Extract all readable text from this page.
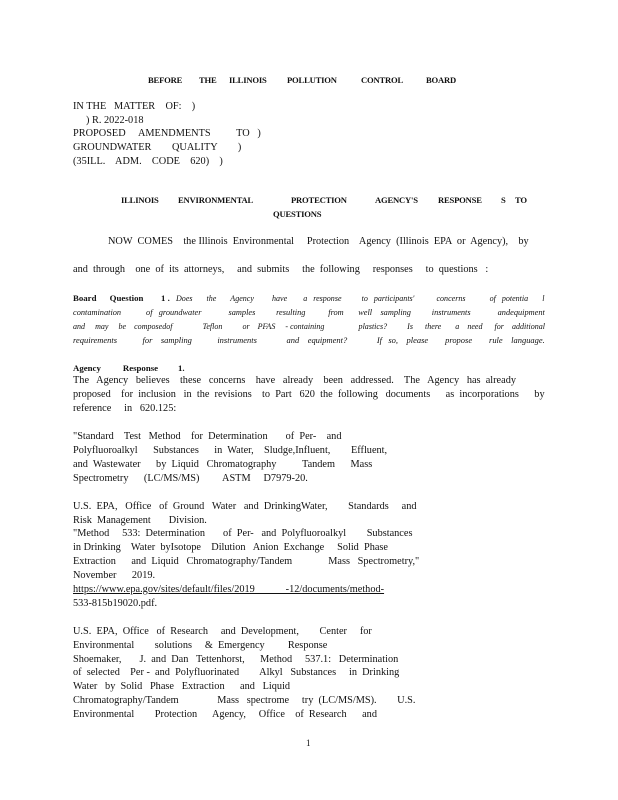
BEFORE THE ILLINOIS POLLUTION	CONTROL	BOARD
IN THE   MATTER    OF:    )
) R. 2022-018
PROPOSED     AMENDMENTS          TO   )
GROUNDWATER        QUALITY        )
(35ILL.    ADM.    CODE    620)    )
ILLINOIS ENVIRONMENTAL	PROTECTION	AGENCY'S RESPONSE S TO
QUESTIONS
NOW  COMES    the Illinois  Environmental     Protection    Agency  (Illinois  EPA  or  Agency),    by
and  through    one  of  its  attorneys,     and  submits     the  following     responses     to  questions   :
Board      Question 1 . Does       the       Agency         have        a   response          to   participants'           concerns            of   potentia       l
contamination            of   groundwater             samples          resulting           from       well    sampling          instruments             andequipment
and     may     be    composedof               Teflon          or    PFAS     - containing                 plastics?          Is      there       a    need      for    additional
requirements            for    sampling            instruments              and    equipment?              If   so,    please        propose        rule    language.
Agency          Response 1.
The   Agency   believes    these   concerns    have   already    been   addressed.    The   Agency   has  already
proposed    for  inclusion   in  the  revisions    to  Part   620  the  following   documents      as  incorporations      by
reference     in   620.125:
"Standard    Test   Method    for  Determination       of  Per-    and
Polyfluoroalkyl      Substances      in  Water,    Sludge,Influent,        Effluent,
and  Wastewater      by  Liquid   Chromatography          Tandem      Mass
Spectrometry      (LC/MS/MS)         ASTM     D7979-20.
U.S.  EPA,   Office   of  Ground   Water   and  DrinkingWater,        Standards     and
Risk  Management       Division.
"Method     533:  Determination       of  Per-   and  Polyfluoroalkyl        Substances
in Drinking    Water  byIsotope    Dilution   Anion  Exchange     Solid  Phase
Extraction      and  Liquid   Chromatography/Tandem              Mass   Spectrometry,"
November      2019.
https://www.epa.gov/sites/default/files/2019            -12/documents/method-
533-815b19020.pdf.
U.S.  EPA,  Office   of  Research     and  Development,        Center     for
Environmental        solutions     &  Emergency         Response
Shoemaker,       J.  and  Dan   Tettenhorst,      Method     537.1:   Determination
of  selected    Per -  and  Polyfluorinated        Alkyl   Substances     in  Drinking
Water   by  Solid   Phase   Extraction      and   Liquid
Chromatography/Tandem               Mass   spectrome     try  (LC/MS/MS).        U.S.
Environmental        Protection      Agency,     Office    of  Research      and
1
